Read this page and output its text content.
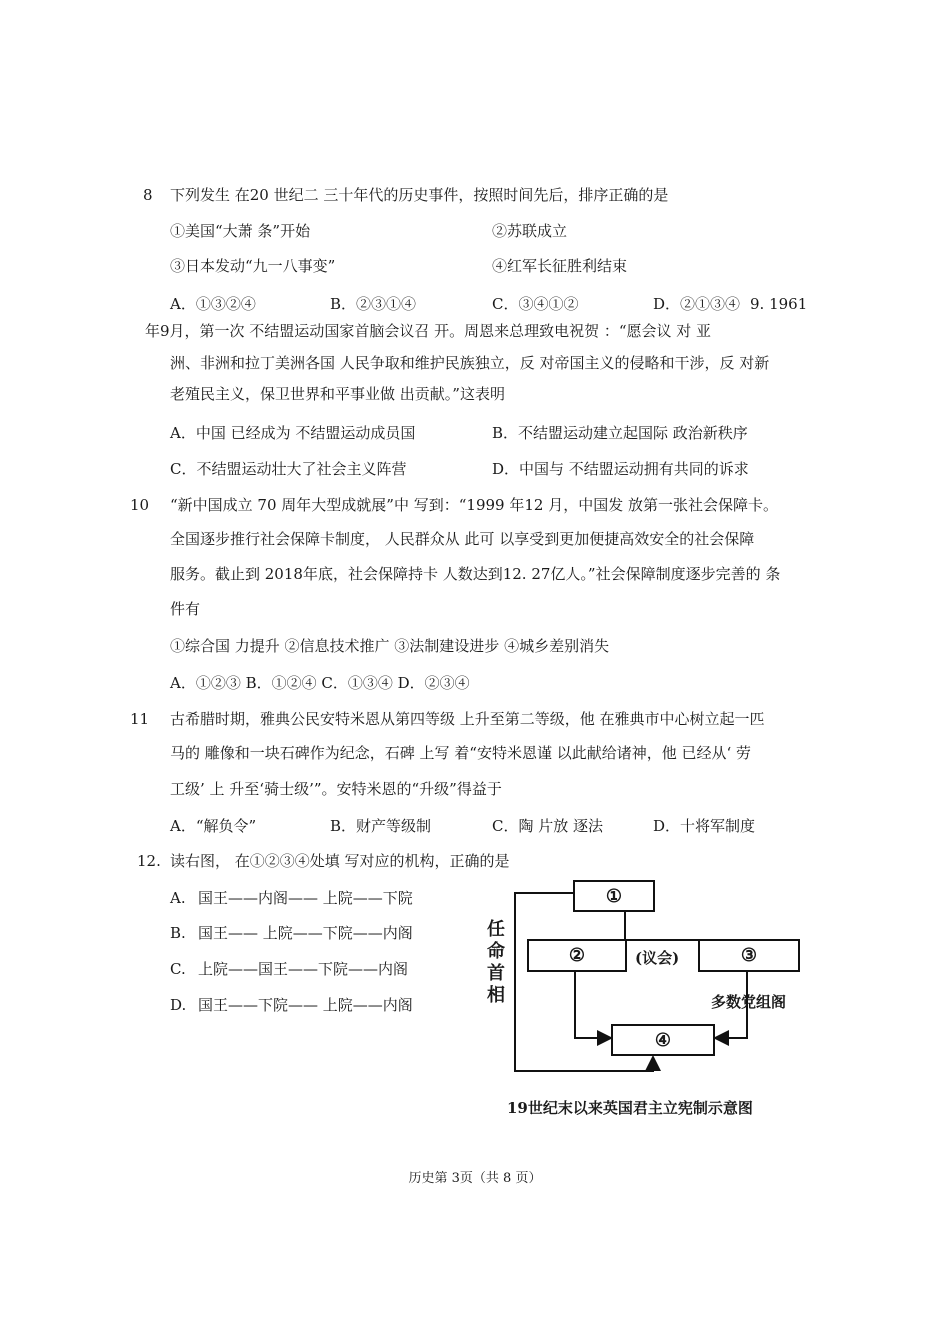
8 下列发生 在20 世纪二 三十年代的历史事件，按照时间先后，排序正确的是
①美国“大萧 条”开始	②苏联成立
③日本发动“九一八事变”	④红军长征胜利结束
A．①③②④	B．②③①④	C．③④①②	D．②①③④ 9. 1961
年9月，第一次 不结盟运动国家首脑会议召 开。周恩来总理致电祝贺 ：“愿会议 对 亚
洲、非洲和拉丁美洲各国 人民争取和维护民族独立，反 对帝国主义的侵略和干涉，反 对新
老殖民主义，保卫世界和平事业做 出贡献。”这表明
A．中国 已经成为 不结盟运动成员国	B．不结盟运动建立起国际 政治新秩序
C．不结盟运动壮大了社会主义阵营	D．中国与 不结盟运动拥有共同的诉求
10 “新中国成立 70 周年大型成就展”中 写到：“1999 年12 月，中国发 放第一张社会保障卡。
全国逐步推行社会保障卡制度， 人民群众从 此可 以享受到更加便捷高效安全的社会保障
服务。截止到 2018年底，社会保障持卡 人数达到12. 27亿人。”社会保障制度逐步完善的 条
件有
①综合国 力提升 ②信息技术推广 ③法制建设进步 ④城乡差别消失
A．①②③ B．①②④ C．①③④ D．②③④
11 古希腊时期，雅典公民安特米恩从第四等级 上升至第二等级，他 在雅典市中心树立起一匹
马的 雕像和一块石碑作为纪念，石碑 上写 着“安特米恩谨 以此献给诸神，他 已经从‘ 劳
工级’ 上 升至‘骑士级’”。安特米恩的“升级”得益于
A．“解负令”	B．财产等级制	C．陶 片放 逐法	D．十将军制度
12. 读右图， 在①②③④处填 写对应的机构，正确的是
A. 国王——内阁—— 上院——下院
B. 国王—— 上院——下院——内阁
C. 上院——国王——下院——内阁
D. 国王——下院—— 上院——内阁
①
②	③
④
(议会)
多数党组阁
任
命
首
相
19世纪末以来英国君主立宪制示意图
历史第 3页（共 8 页）
